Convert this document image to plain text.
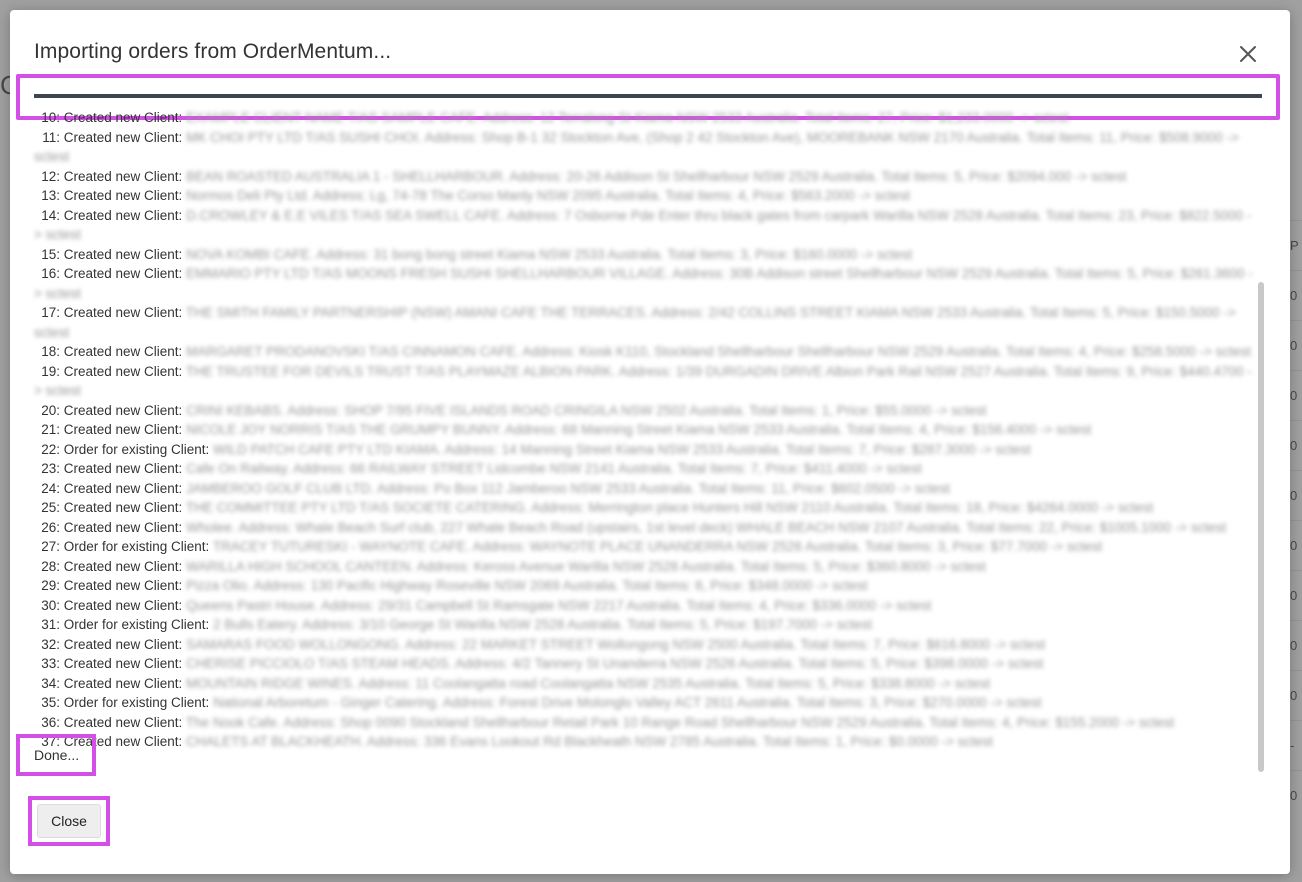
Importing orders from OrderMentum...
10: Created new Client: EXAMPLE CLIENT NAME T/AS SAMPLE CAFE. Address: 12 Terralong St Kiama NSW 2533 Australia. Total Items: 27, Price: $1,233.0000 -> sctest
11: Created new Client: MK CHOI PTY LTD T/AS SUSHI CHOI. Address: Shop B-1 32 Stockton Ave, (Shop 2 42 Stockton Ave), MOOREBANK NSW 2170 Australia. Total Items: 11, Price: $508.9000 -> sctest
12: Created new Client: BEAN ROASTED AUSTRALIA 1 - SHELLHARBOUR. Address: 20-26 Addison St Shellharbour NSW 2529 Australia. Total Items: 5, Price: $2094.000 -> sctest
13: Created new Client: Normos Deli Pty Ltd. Address: Lg, 74-78 The Corso Manly NSW 2095 Australia. Total Items: 4, Price: $563.2000 -> sctest
14: Created new Client: D.CROWLEY & E.E VILES T/AS SEA SWELL CAFE. Address: 7 Osborne Pde Enter thru black gates from carpark Warilla NSW 2528 Australia. Total Items: 23, Price: $822.5000 -> sctest
15: Created new Client: NOVA KOMBI CAFE. Address: 31 bong bong street Kiama NSW 2533 Australia. Total Items: 3, Price: $160.0000 -> sctest
16: Created new Client: EMMARIO PTY LTD T/AS MOONS FRESH SUSHI SHELLHARBOUR VILLAGE. Address: 30B Addison street Shellharbour NSW 2529 Australia. Total Items: 5, Price: $261.3600 -> sctest
17: Created new Client: THE SMITH FAMILY PARTNERSHIP (NSW) AMANI CAFE THE TERRACES. Address: 2/42 COLLINS STREET KIAMA NSW 2533 Australia. Total Items: 5, Price: $150.5000 -> sctest
18: Created new Client: MARGARET PRODANOVSKI T/AS CINNAMON CAFE. Address: Kiosk K110, Stockland Shellharbour Shellharbour NSW 2529 Australia. Total Items: 4, Price: $258.5000 -> sctest
19: Created new Client: THE TRUSTEE FOR DEVILS TRUST T/AS PLAYMAZE ALBION PARK. Address: 1/39 DURGADIN DRIVE Albion Park Rail NSW 2527 Australia. Total Items: 9, Price: $440.4700 -> sctest
20: Created new Client: CRINI KEBABS. Address: SHOP 7/95 FIVE ISLANDS ROAD CRINGILA NSW 2502 Australia. Total Items: 1, Price: $55.0000 -> sctest
21: Created new Client: NICOLE JOY NORRIS T/AS THE GRUMPY BUNNY. Address: 68 Manning Street Kiama NSW 2533 Australia. Total Items: 4, Price: $156.4000 -> sctest
22: Order for existing Client: WILD PATCH CAFE PTY LTD KIAMA. Address: 14 Manning Street Kiama NSW 2533 Australia. Total Items: 7, Price: $287.3000 -> sctest
23: Created new Client: Cafe On Railway. Address: 66 RAILWAY STREET Lidcombe NSW 2141 Australia. Total Items: 7, Price: $411.4000 -> sctest
24: Created new Client: JAMBEROO GOLF CLUB LTD. Address: Po Box 112 Jamberoo NSW 2533 Australia. Total Items: 11, Price: $602.0500 -> sctest
25: Created new Client: THE COMMITTEE PTY LTD T/AS SOCIETE CATERING. Address: Merrington place Hunters Hill NSW 2110 Australia. Total Items: 18, Price: $4264.0000 -> sctest
26: Created new Client: Wholee. Address: Whale Beach Surf club, 227 Whale Beach Road (upstairs, 1st level deck) WHALE BEACH NSW 2107 Australia. Total Items: 22, Price: $1005.1000 -> sctest
27: Order for existing Client: TRACEY TUTURESKI - WAYNOTE CAFE. Address: WAYNOTE PLACE UNANDERRA NSW 2526 Australia. Total Items: 3, Price: $77.7000 -> sctest
28: Created new Client: WARILLA HIGH SCHOOL CANTEEN. Address: Keross Avenue Warilla NSW 2528 Australia. Total Items: 5, Price: $360.8000 -> sctest
29: Created new Client: Pizza Olio. Address: 130 Pacific Highway Roseville NSW 2069 Australia. Total Items: 6, Price: $348.0000 -> sctest
30: Created new Client: Queens Pastri House. Address: 29/31 Campbell St Ramsgate NSW 2217 Australia. Total Items: 4, Price: $336.0000 -> sctest
31: Order for existing Client: 2 Bulls Eatery. Address: 3/10 George St Warilla NSW 2528 Australia. Total Items: 5, Price: $197.7000 -> sctest
32: Created new Client: SAMARAS FOOD WOLLONGONG. Address: 22 MARKET STREET Wollongong NSW 2500 Australia. Total Items: 7, Price: $616.8000 -> sctest
33: Created new Client: CHERISE PICCIOLO T/AS STEAM HEADS. Address: 4/2 Tannery St Unanderra NSW 2526 Australia. Total Items: 5, Price: $398.0000 -> sctest
34: Created new Client: MOUNTAIN RIDGE WINES. Address: 11 Coolangatta road Coolangatta NSW 2535 Australia. Total Items: 5, Price: $338.8000 -> sctest
35: Order for existing Client: National Arboretum - Ginger Catering. Address: Forest Drive Molonglo Valley ACT 2611 Australia. Total Items: 3, Price: $270.0000 -> sctest
36: Created new Client: The Nook Cafe. Address: Shop 0090 Stockland Shellharbour Retail Park 10 Range Road Shellharbour NSW 2529 Australia. Total Items: 4, Price: $155.2000 -> sctest
37: Created new Client: CHALETS AT BLACKHEATH. Address: 336 Evans Lookout Rd Blackheath NSW 2785 Australia. Total Items: 1, Price: $0.0000 -> sctest
Done...
Close
